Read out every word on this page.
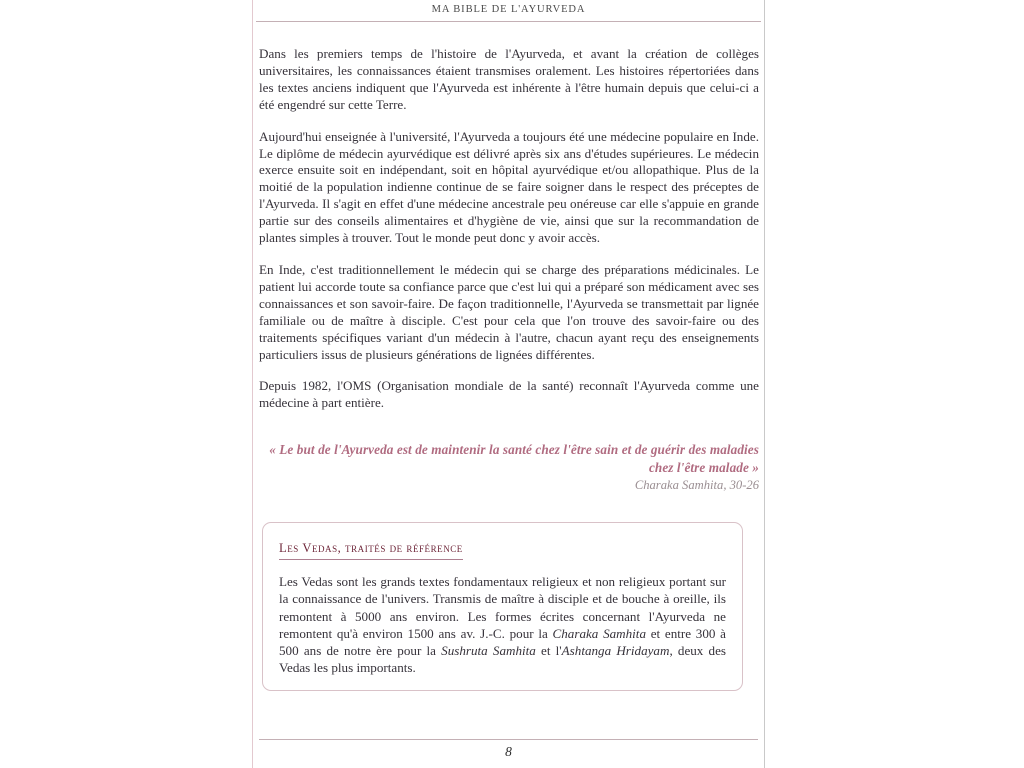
MA BIBLE DE L'AYURVEDA

Dans les premiers temps de l'histoire de l'Ayurveda, et avant la création de collèges universitaires, les connaissances étaient transmises oralement. Les histoires répertoriées dans les textes anciens indiquent que l'Ayurveda est inhérente à l'être humain depuis que celui-ci a été engendré sur cette Terre.

Aujourd'hui enseignée à l'université, l'Ayurveda a toujours été une médecine populaire en Inde. Le diplôme de médecin ayurvédique est délivré après six ans d'études supérieures. Le médecin exerce ensuite soit en indépendant, soit en hôpital ayurvédique et/ou allopathique. Plus de la moitié de la population indienne continue de se faire soigner dans le respect des préceptes de l'Ayurveda. Il s'agit en effet d'une médecine ancestrale peu onéreuse car elle s'appuie en grande partie sur des conseils alimentaires et d'hygiène de vie, ainsi que sur la recommandation de plantes simples à trouver. Tout le monde peut donc y avoir accès.

En Inde, c'est traditionnellement le médecin qui se charge des préparations médicinales. Le patient lui accorde toute sa confiance parce que c'est lui qui a préparé son médicament avec ses connaissances et son savoir-faire. De façon traditionnelle, l'Ayurveda se transmettait par lignée familiale ou de maître à disciple. C'est pour cela que l'on trouve des savoir-faire ou des traitements spécifiques variant d'un médecin à l'autre, chacun ayant reçu des enseignements particuliers issus de plusieurs générations de lignées différentes.

Depuis 1982, l'OMS (Organisation mondiale de la santé) reconnaît l'Ayurveda comme une médecine à part entière.

« Le but de l'Ayurveda est de maintenir la santé chez l'être sain et de guérir des maladies chez l'être malade »
Charaka Samhita, 30-26
Les Vedas, traités de référence
Les Vedas sont les grands textes fondamentaux religieux et non religieux portant sur la connaissance de l'univers. Transmis de maître à disciple et de bouche à oreille, ils remontent à 5000 ans environ. Les formes écrites concernant l'Ayurveda ne remontent qu'à environ 1500 ans av. J.-C. pour la Charaka Samhita et entre 300 à 500 ans de notre ère pour la Sushruta Samhita et l'Ashtanga Hridayam, deux des Vedas les plus importants.
8
